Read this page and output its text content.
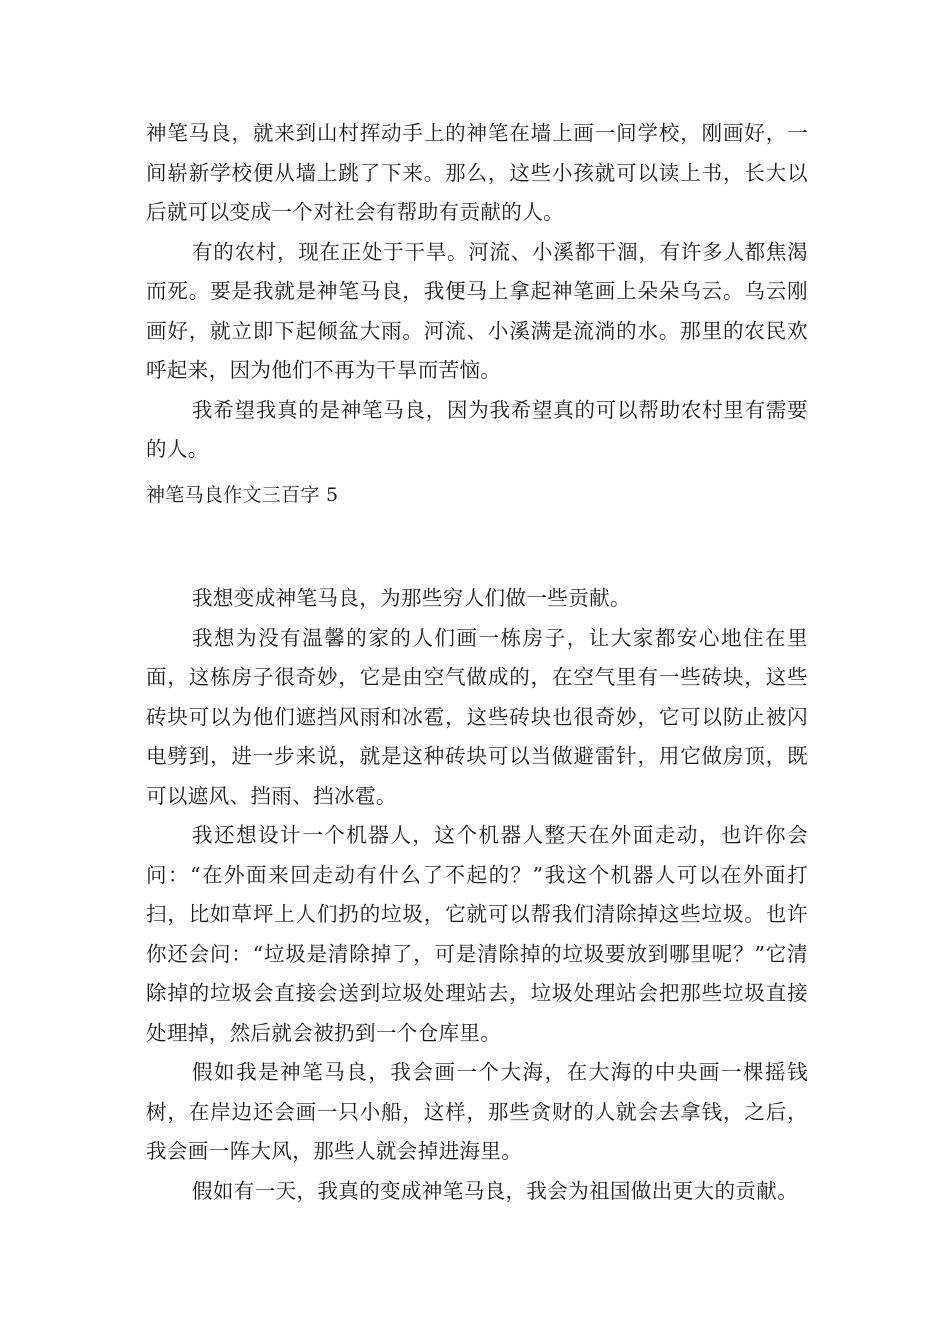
神笔马良，就来到山村挥动手上的神笔在墙上画一间学校，刚画好，一间崭新学校便从墙上跳了下来。那么，这些小孩就可以读上书，长大以后就可以变成一个对社会有帮助有贡献的人。

有的农村，现在正处于干旱。河流、小溪都干涸，有许多人都焦渴而死。要是我就是神笔马良，我便马上拿起神笔画上朵朵乌云。乌云刚画好，就立即下起倾盆大雨。河流、小溪满是流淌的水。那里的农民欢呼起来，因为他们不再为干旱而苦恼。

我希望我真的是神笔马良，因为我希望真的可以帮助农村里有需要的人。

神笔马良作文三百字 5

我想变成神笔马良，为那些穷人们做一些贡献。

我想为没有温馨的家的人们画一栋房子，让大家都安心地住在里面，这栋房子很奇妙，它是由空气做成的，在空气里有一些砖块，这些砖块可以为他们遮挡风雨和冰雹，这些砖块也很奇妙，它可以防止被闪电劈到，进一步来说，就是这种砖块可以当做避雷针，用它做房顶，既可以遮风、挡雨、挡冰雹。

我还想设计一个机器人，这个机器人整天在外面走动，也许你会问：“在外面来回走动有什么了不起的？”我这个机器人可以在外面打扫，比如草坪上人们扔的垃圾，它就可以帮我们清除掉这些垃圾。也许你还会问：“垃圾是清除掉了，可是清除掉的垃圾要放到哪里呢？”它清除掉的垃圾会直接会送到垃圾处理站去，垃圾处理站会把那些垃圾直接处理掉，然后就会被扔到一个仓库里。

假如我是神笔马良，我会画一个大海，在大海的中央画一棵摇钱树，在岸边还会画一只小船，这样，那些贪财的人就会去拿钱，之后，我会画一阵大风，那些人就会掉进海里。

假如有一天，我真的变成神笔马良，我会为祖国做出更大的贡献。
